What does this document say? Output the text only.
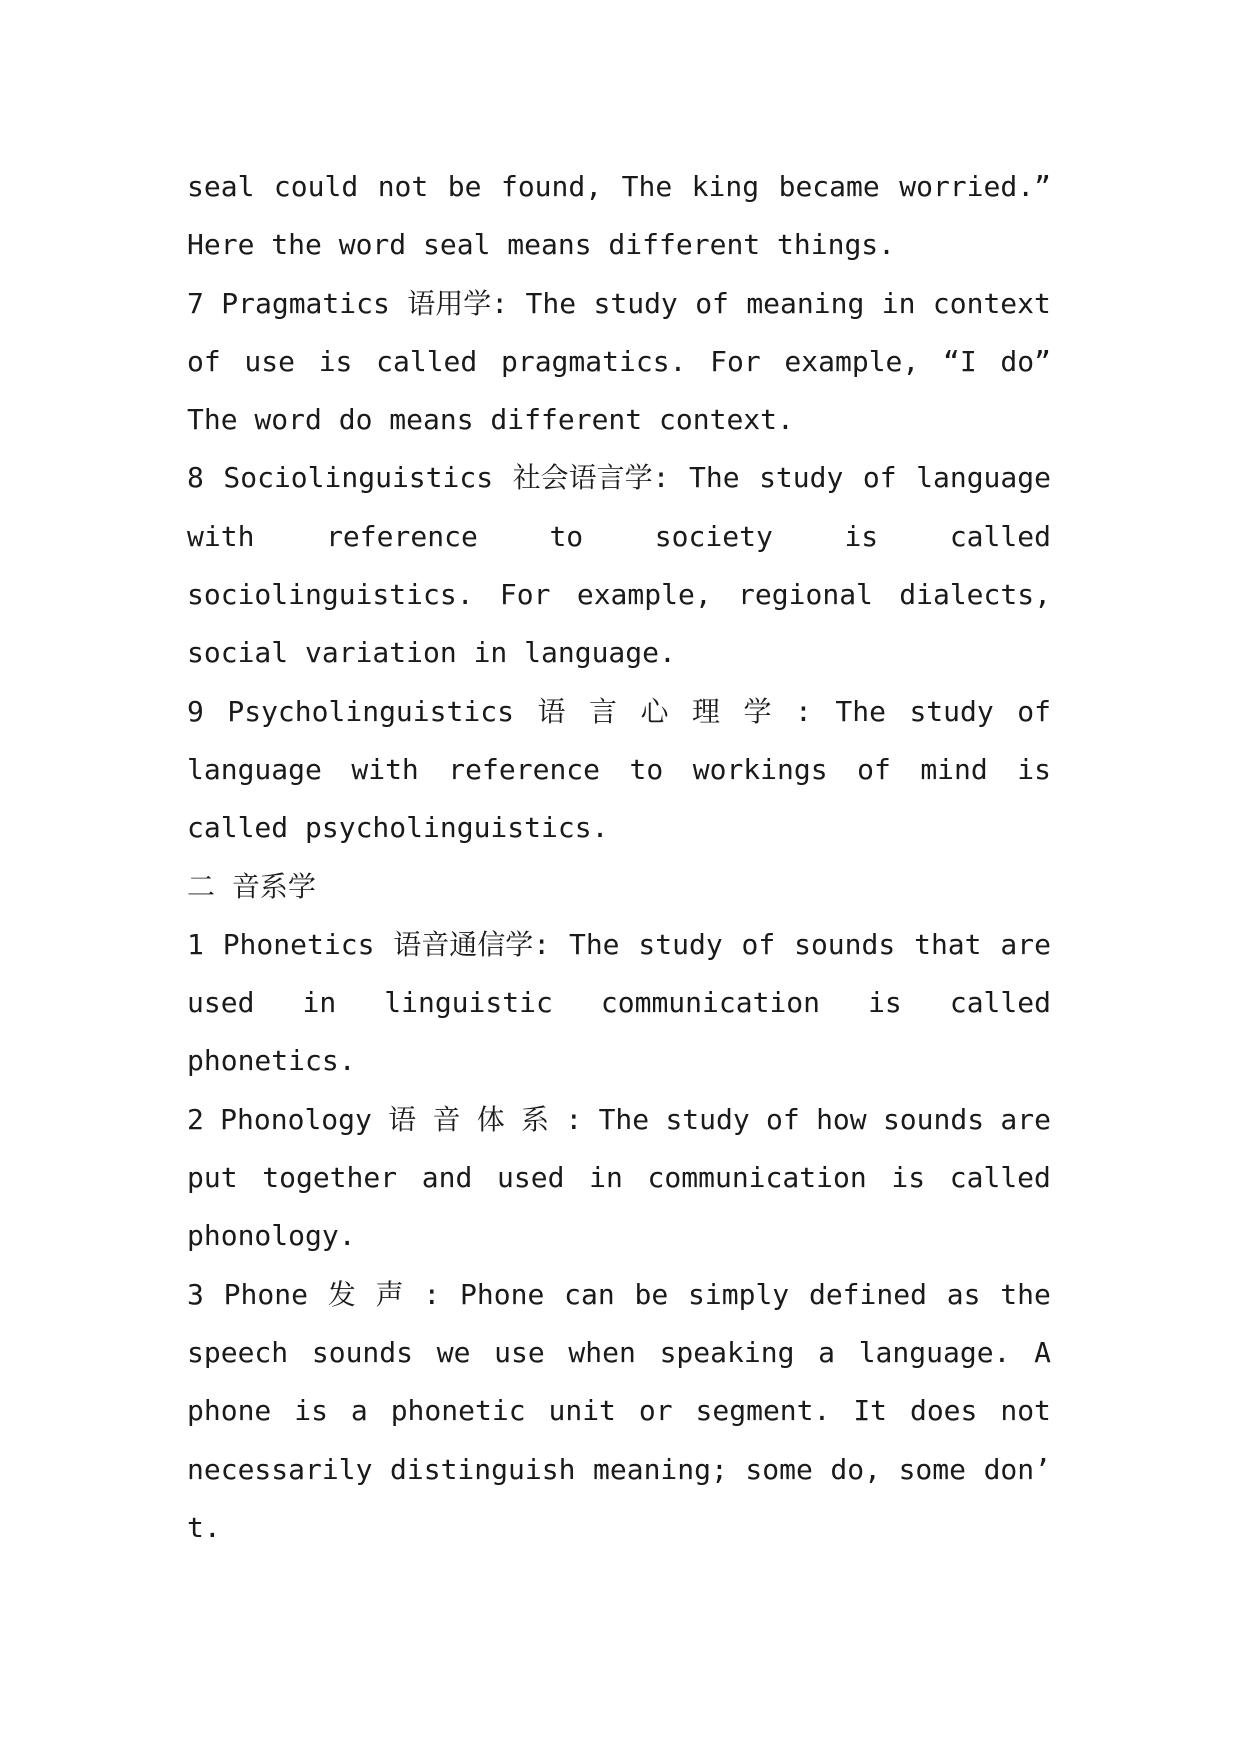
seal could not be found, The king became worried.”
Here the word seal means different things.
7 Pragmatics 语用学: The study of meaning in context
of use is called pragmatics. For example, “I do”
The word do means different context.
8 Sociolinguistics 社会语言学: The study of language
with	reference	to	society	is	called
sociolinguistics. For example, regional dialects,
social variation in language.
9 Psycholinguistics 语 言 心 理 学 : The study of
language with reference to workings of mind is
called psycholinguistics.
二 音系学
1 Phonetics 语音通信学: The study of sounds that are
used in linguistic communication is called
phonetics.
2 Phonology 语 音 体 系 : The study of how sounds are
put together and used in communication is called
phonology.
3 Phone 发 声 : Phone can be simply defined as the
speech sounds we use when speaking a language. A
phone is a phonetic unit or segment. It does not
necessarily distinguish meaning; some do, some don’
t.
